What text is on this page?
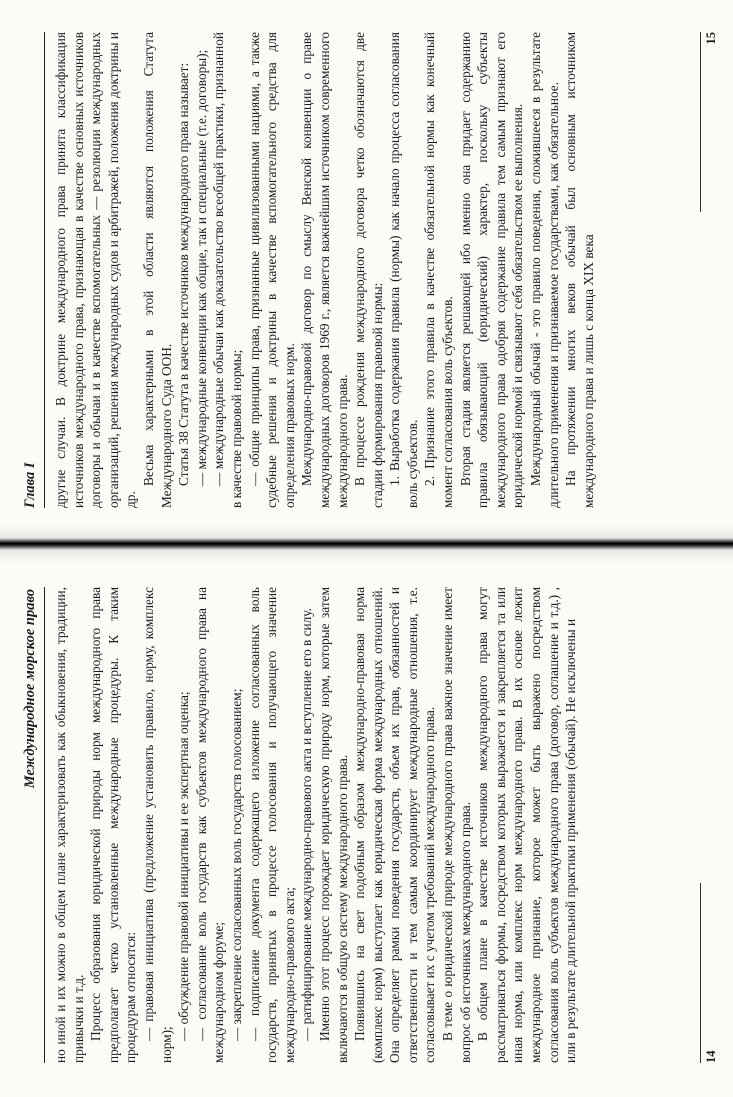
Международное морское право но иной и их можно в общем плане характеризовать как обыкновения, традиции, привычки и т.д. Процесс образования юридической природы норм международного права предполагает четко установленные международные процедуры. К таким процедурам относятся: — правовая инициатива (предложение установить правило, норму, комплекс норм);

— обсуждение правовой инициативы и ее экспертная оценка; — согласование воль государств как субъектов международного права на международном форуме; — закрепление согласованных воль государств голосованием; — подписание документа содержащего изложение согласованных воль государств, принятых в процессе голосования и получающего значение международно-правового акта; — ратифицирование международно-правового акта и вступление его в силу. Именно этот процесс порождает юридическую природу норм, которые затем включаются в общую систему международного права. Появившись на свет подобным образом международно-правовая норма (комплекс норм) выступает как юридическая форма международных отношений. Она определяет рамки поведения государств, объем их прав, обязанностей и ответственности и тем самым координирует международные отношения, т.е. согласовывает их с учетом требований международного права. В теме о юридической природе международного права важное значение имеет вопрос об источниках международного права. В общем плане в качестве источников международного права могут рассматриваться формы, посредством которых выражается и закрепляется та или иная норма, или комплекс норм международного права. В их основе лежит международное признание, которое может быть выражено посредством согласования воль субъектов международного права (договор, соглашение и т.д.) , или в результате длительной практики применения (обычай). Не исключены и	14
Глава I другие случаи. В доктрине международного права принята классификация источников международного права, признающая в качестве основных источников договоры и обычаи и в качестве вспомогательных — резолюции международных организаций, решения международных судов и арбитражей, положения доктрины и др.

Весьма характерными в этой области являются положения Статута Международного Суда ООН. Статья 38 Статута в качестве источников международного права называет: — международные конвенции как общие, так и специальные (т.е. договоры); — международные обычаи как доказательство всеобщей практики, признанной в качестве правовой нормы; — общие принципы права, признанные цивилизованными нациями, а также судебные решения и доктрины в качестве вспомогательного средства для определения правовых норм. Международно-правовой договор по смыслу Венской конвенции о праве международных договоров 1969 г., является важнейшим источником современного международного права. В процессе рождения международного договора четко обозначаются две стадии формирования правовой нормы: 1. Выработка содержания правила (нормы) как начало процесса согласования воль субъектов. 2. Признание этого правила в качестве обязательной нормы как конечный момент согласования воль субъектов. Вторая стадия является решающей ибо именно она придает содержанию правила обязывающий (юридический) характер, поскольку субъекты международного права одобряя содержание правила тем самым признают его юридической нормой и связывают себя обязательством ее выполнения. Международный обычай - это правило поведения, сложившееся в результате длительного применения и признаваемое государствами, как обязательное. На протяжении многих веков обычай был основным источником международного права и лишь с конца XIX века

15
